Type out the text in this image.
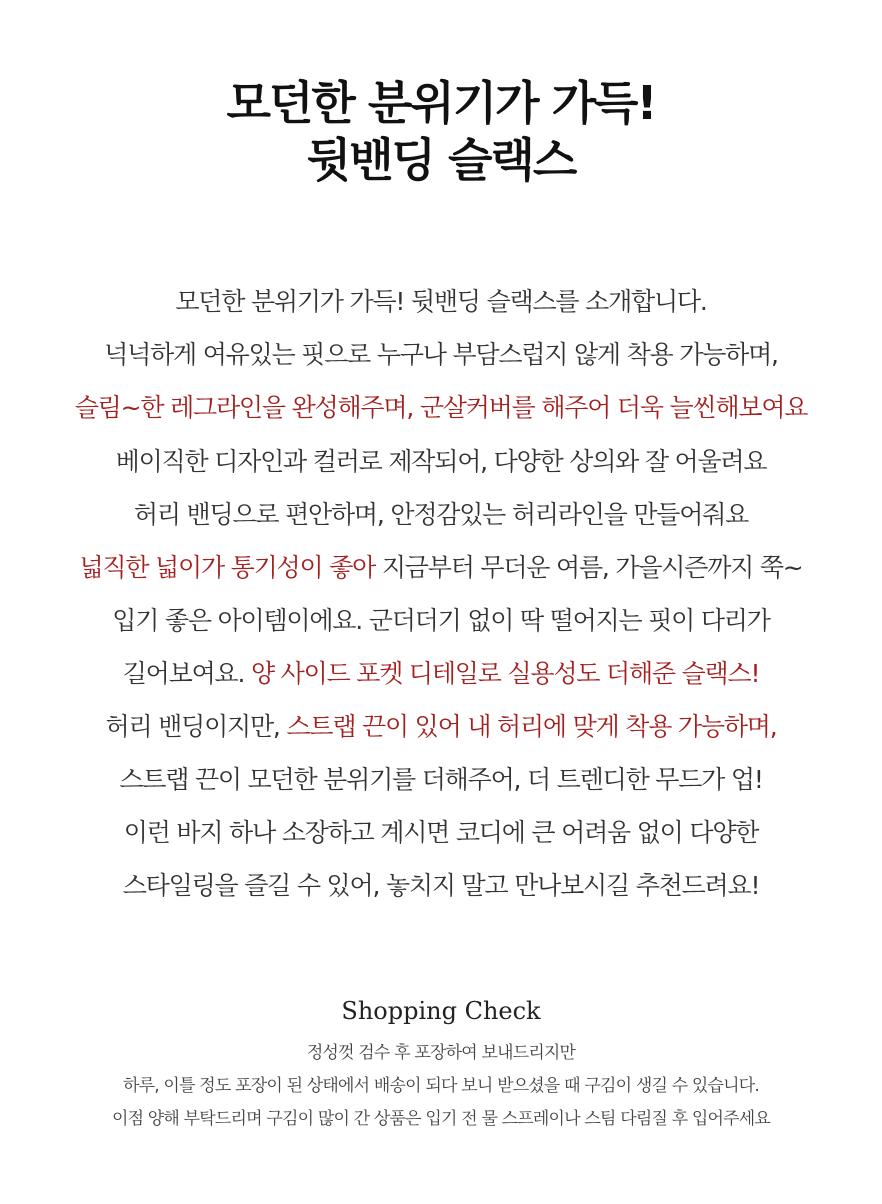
모던한 분위기가 가득!
뒷밴딩 슬랙스
모던한 분위기가 가득! 뒷밴딩 슬랙스를 소개합니다.
넉넉하게 여유있는 핏으로 누구나 부담스럽지 않게 착용 가능하며,
슬림~한 레그라인을 완성해주며, 군살커버를 해주어 더욱 늘씬해보여요
베이직한 디자인과 컬러로 제작되어, 다양한 상의와 잘 어울려요
허리 밴딩으로 편안하며, 안정감있는 허리라인을 만들어줘요
넓직한 넓이가 통기성이 좋아 지금부터 무더운 여름, 가을시즌까지 쭉~
입기 좋은 아이템이에요. 군더더기 없이 딱 떨어지는 핏이 다리가
길어보여요. 양 사이드 포켓 디테일로 실용성도 더해준 슬랙스!
허리 밴딩이지만, 스트랩 끈이 있어 내 허리에 맞게 착용 가능하며,
스트랩 끈이 모던한 분위기를 더해주어, 더 트렌디한 무드가 업!
이런 바지 하나 소장하고 계시면 코디에 큰 어려움 없이 다양한
스타일링을 즐길 수 있어, 놓치지 말고 만나보시길 추천드려요!
Shopping Check
정성껏 검수 후 포장하여 보내드리지만
하루, 이틀 정도 포장이 된 상태에서 배송이 되다 보니 받으셨을 때 구김이 생길 수 있습니다.
이점 양해 부탁드리며 구김이 많이 간 상품은 입기 전 물 스프레이나 스팀 다림질 후 입어주세요
